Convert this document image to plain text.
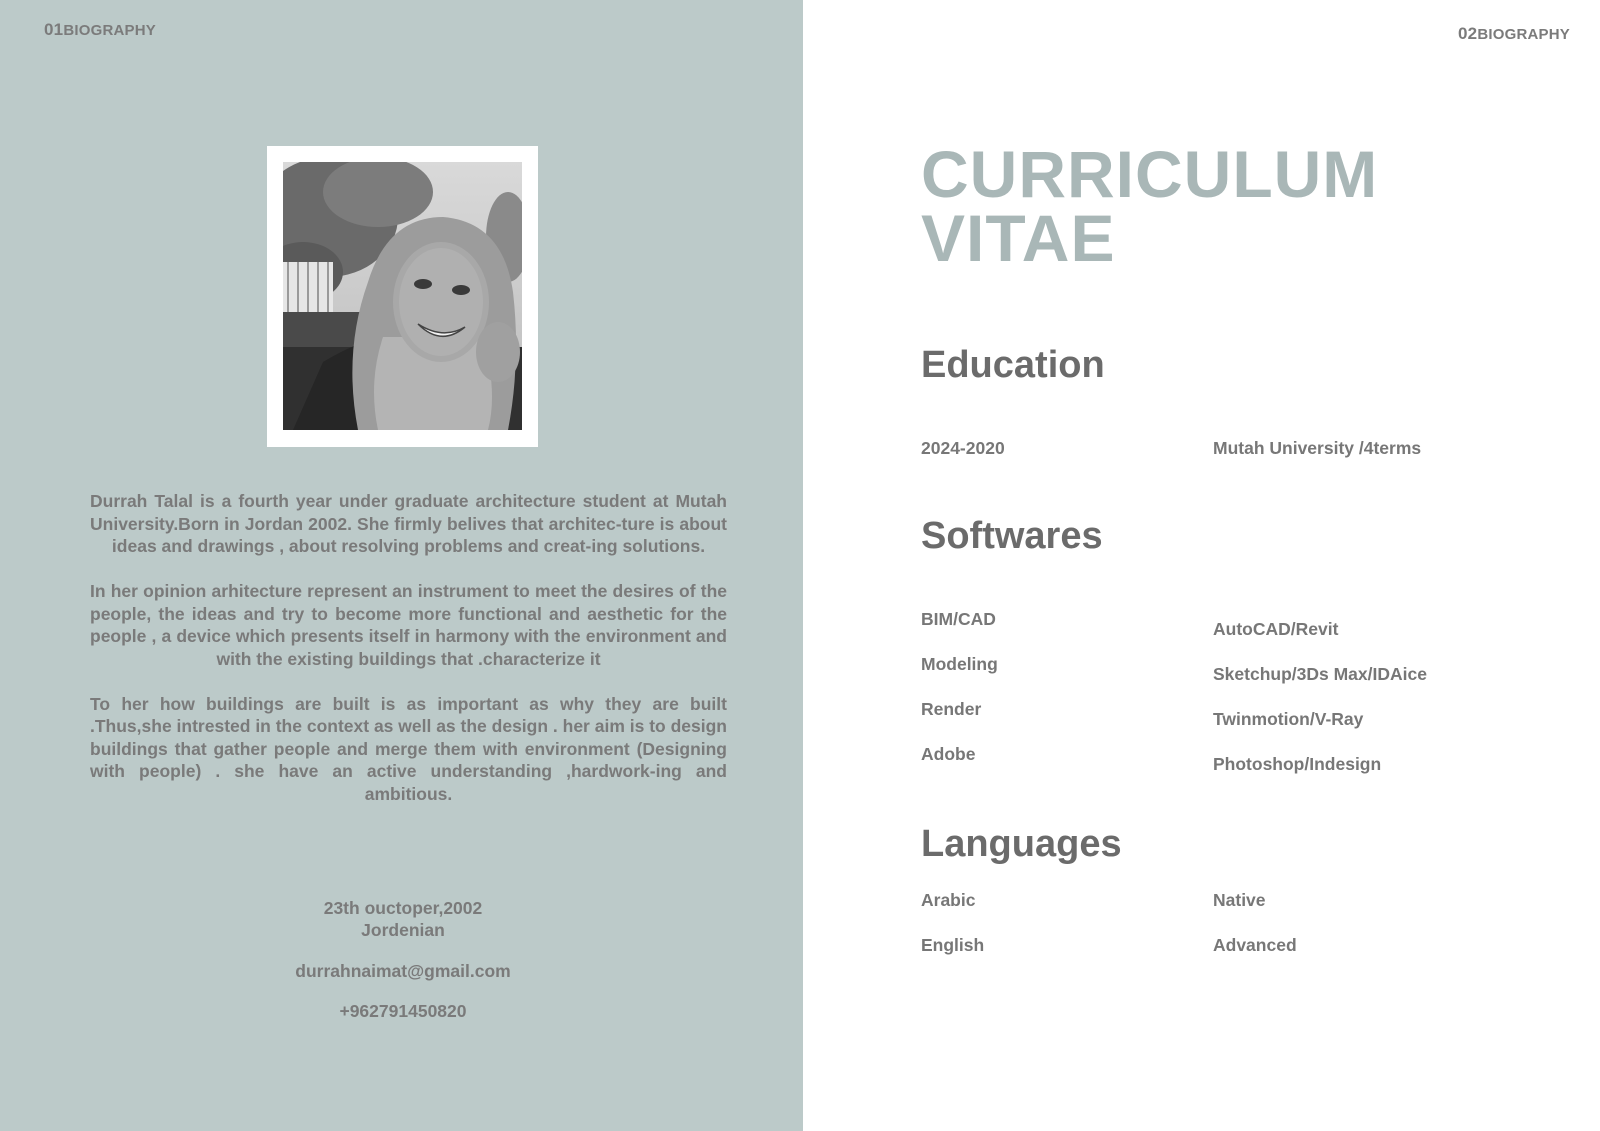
01BIOGRAPHY

Durrah Talal is a fourth year under graduate architecture student at Mutah University.Born in Jordan 2002. She firmly belives that architec-ture is about ideas and drawings , about resolving problems and creat-ing solutions.

In her opinion arhitecture represent an instrument to meet the desires of the people, the ideas and try to become more functional and aesthetic for the people , a device which presents itself in harmony with the environment and with the existing buildings that .characterize it

To her how buildings are built is as important as why they are built .Thus,she intrested in the context as well as the design . her aim is to design buildings that gather people and merge them with environment (Designing with people) . she have an active understanding ,hardwork-ing and ambitious.

23th ouctoper,2002
Jordenian
durrahnaimat@gmail.com
+962791450820
02BIOGRAPHY
CURRICULUM
VITAE
Education
2024-2020	Mutah University /4terms
Softwares
BIM/CAD	AutoCAD/Revit
Modeling	Sketchup/3Ds Max/IDAice
Render	Twinmotion/V-Ray
Adobe	Photoshop/Indesign
Languages
Arabic	Native
English	Advanced
